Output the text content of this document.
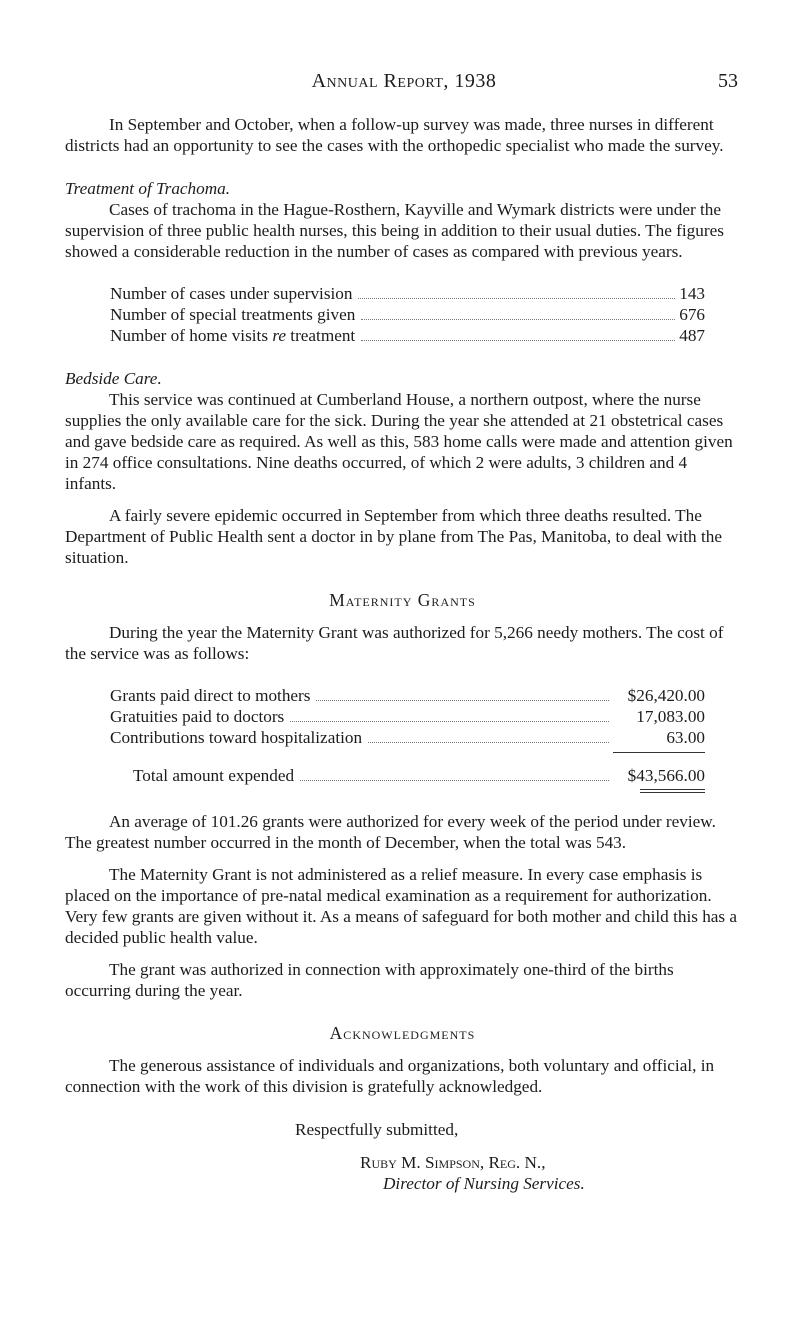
Annual Report, 1938	53

In September and October, when a follow-up survey was made, three nurses in different districts had an opportunity to see the cases with the orthopedic specialist who made the survey.

Treatment of Trachoma.

Cases of trachoma in the Hague-Rosthern, Kayville and Wymark districts were under the supervision of three public health nurses, this being in addition to their usual duties. The figures showed a considerable reduction in the number of cases as compared with previous years.

Number of cases under supervision	143
Number of special treatments given	676
Number of home visits re treatment	487

Bedside Care.

This service was continued at Cumberland House, a northern outpost, where the nurse supplies the only available care for the sick. During the year she attended at 21 obstetrical cases and gave bedside care as required. As well as this, 583 home calls were made and attention given in 274 office consultations. Nine deaths occurred, of which 2 were adults, 3 children and 4 infants.

A fairly severe epidemic occurred in September from which three deaths resulted. The Department of Public Health sent a doctor in by plane from The Pas, Manitoba, to deal with the situation.

Maternity Grants

During the year the Maternity Grant was authorized for 5,266 needy mothers. The cost of the service was as follows:

Grants paid direct to mothers	$26,420.00
Gratuities paid to doctors	17,083.00
Contributions toward hospitalization	63.00
Total amount expended	$43,566.00

An average of 101.26 grants were authorized for every week of the period under review. The greatest number occurred in the month of December, when the total was 543.

The Maternity Grant is not administered as a relief measure. In every case emphasis is placed on the importance of pre-natal medical examination as a requirement for authorization. Very few grants are given without it. As a means of safeguard for both mother and child this has a decided public health value.

The grant was authorized in connection with approximately one-third of the births occurring during the year.

Acknowledgments

The generous assistance of individuals and organizations, both voluntary and official, in connection with the work of this division is gratefully acknowledged.

Respectfully submitted,

Ruby M. Simpson, Reg. N.,

Director of Nursing Services.
